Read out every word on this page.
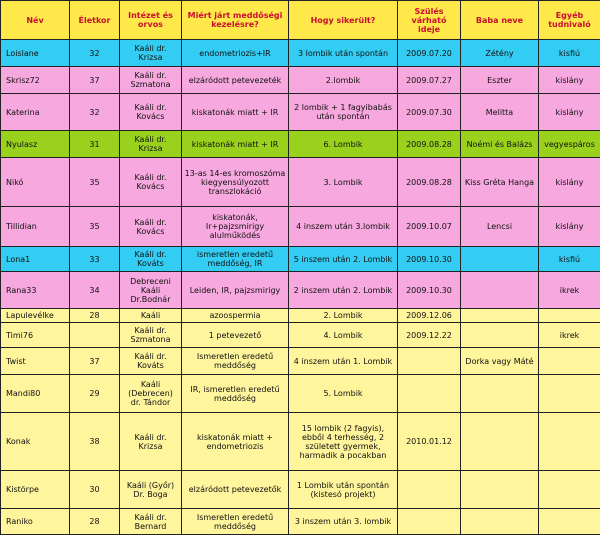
Név	Életkor	Intézet és orvos	Miért járt meddőségi kezelésre?	Hogy sikerült?	Szülés várható ideje	Baba neve	Egyéb tudnivaló
Loislane	32	Kaáli dr. Krizsa	endometriozis+IR	3 lombik után spontán	2009.07.20	Zétény	kisfiú
Skrisz72	37	Kaáli dr. Szmatona	elzáródott petevezeték	2.lombik	2009.07.27	Eszter	kislány
Katerina	32	Kaáli dr. Kovács	kiskatonák miatt + IR	2 lombik + 1 fagyibabás után spontán	2009.07.30	Melitta	kislány
Nyulasz	31	Kaáli dr. Krizsa	kiskatonák miatt + IR	6. Lombik	2009.08.28	Noémi és Balázs	vegyespáros
Nikó	35	Kaáli dr. Kovács	13-as 14-es kromoszóma kiegyensúlyozott transzlokáció	3. Lombik	2009.08.28	Kiss Gréta Hanga	kislány
Tillidian	35	Kaáli dr. Kovács	kiskatonák, Ir+pajzsmirigy alulműködés	4 inszem után 3.lombik	2009.10.07	Lencsi	kislány
Lona1	33	Kaáli dr. Kováts	ismeretlen eredetű meddőség, IR	5 inszem után 2. Lombik	2009.10.30		kisfiú
Rana33	34	Debreceni Kaáli Dr.Bodnár	Leiden, IR, pajzsmirigy	2 inszem után 2. Lombik	2009.10.30		ikrek
Lapulevélke	28	Kaáli	azoospermia	2. Lombik	2009.12.06		
Timi76		Kaáli dr. Szmatona	1 petevezető	4. Lombik	2009.12.22		ikrek
Twist	37	Kaáli dr. Kováts	Ismeretlen eredetű meddőség	4 inszem után 1. Lombik		Dorka vagy Máté	
Mandi80	29	Kaáli (Debrecen) dr. Tándor	IR, ismeretlen eredetű meddőség	5. Lombik			
Konak	38	Kaáli dr. Krizsa	kiskatonák miatt + endometriozis	15 lombik (2 fagyis), ebből 4 terhesség, 2 született gyermek, harmadik a pocakban	2010.01.12		
Kistörpe	30	Kaáli (Győr) Dr. Boga	elzáródott petevezetők	1 Lombik után spontán (kistesó projekt)			
Raniko	28	Kaáli dr. Bernard	Ismeretlen eredetű meddőség	3 inszem után 3. lombik			
